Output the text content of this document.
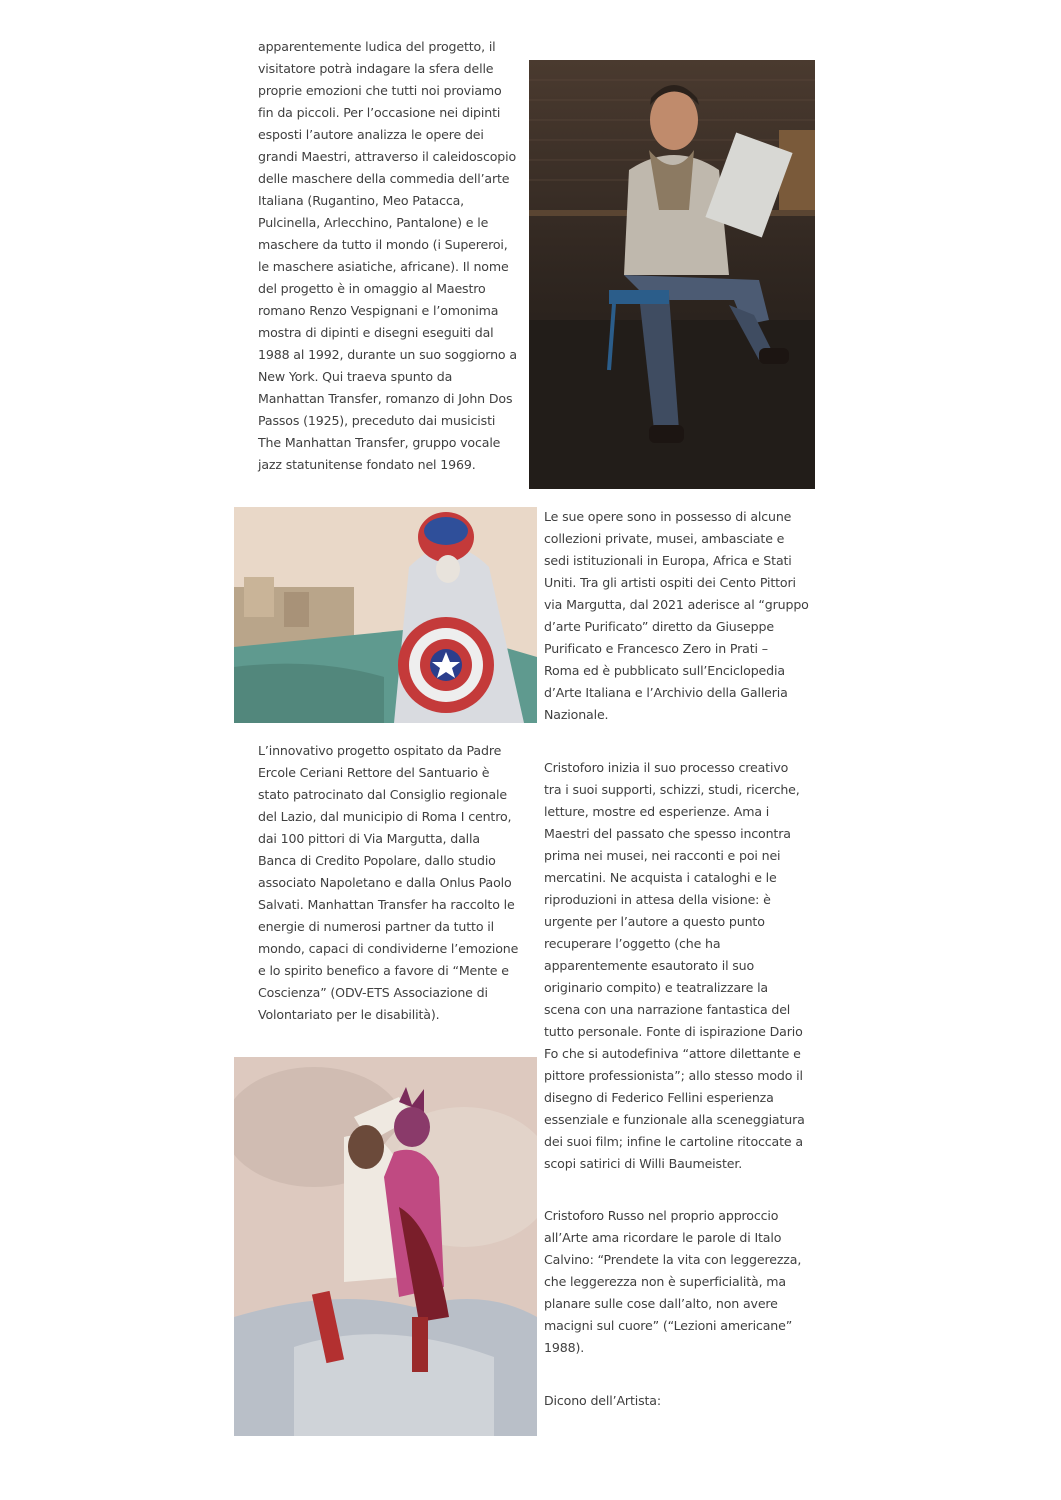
apparentemente ludica del progetto, il
visitatore potrà indagare la sfera delle
proprie emozioni che tutti noi proviamo
fin da piccoli. Per l’occasione nei dipinti
esposti l’autore analizza le opere dei
grandi Maestri, attraverso il caleidoscopio
delle maschere della commedia dell’arte
Italiana (Rugantino, Meo Patacca,
Pulcinella, Arlecchino, Pantalone) e le
maschere da tutto il mondo (i Supereroi,
le maschere asiatiche, africane). Il nome
del progetto è in omaggio al Maestro
romano Renzo Vespignani e l’omonima
mostra di dipinti e disegni eseguiti dal
1988 al 1992, durante un suo soggiorno a
New York. Qui traeva spunto da
Manhattan Transfer, romanzo di John Dos
Passos (1925), preceduto dai musicisti
The Manhattan Transfer, gruppo vocale
jazz statunitense fondato nel 1969.

Le sue opere sono in possesso di alcune
collezioni private, musei, ambasciate e
sedi istituzionali in Europa, Africa e Stati
Uniti. Tra gli artisti ospiti dei Cento Pittori
via Margutta, dal 2021 aderisce al “gruppo
d’arte Purificato” diretto da Giuseppe
Purificato e Francesco Zero in Prati –
Roma ed è pubblicato sull’Enciclopedia
d’Arte Italiana e l’Archivio della Galleria
Nazionale.

L’innovativo progetto ospitato da Padre
Ercole Ceriani Rettore del Santuario è
stato patrocinato dal Consiglio regionale
del Lazio, dal municipio di Roma I centro,
dai 100 pittori di Via Margutta, dalla
Banca di Credito Popolare, dallo studio
associato Napoletano e dalla Onlus Paolo
Salvati. Manhattan Transfer ha raccolto le
energie di numerosi partner da tutto il
mondo, capaci di condividerne l’emozione
e lo spirito benefico a favore di “Mente e
Coscienza” (ODV-ETS Associazione di
Volontariato per le disabilità).

Cristoforo inizia il suo processo creativo
tra i suoi supporti, schizzi, studi, ricerche,
letture, mostre ed esperienze. Ama i
Maestri del passato che spesso incontra
prima nei musei, nei racconti e poi nei
mercatini. Ne acquista i cataloghi e le
riproduzioni in attesa della visione: è
urgente per l’autore a questo punto
recuperare l’oggetto (che ha
apparentemente esautorato il suo
originario compito) e teatralizzare la
scena con una narrazione fantastica del
tutto personale. Fonte di ispirazione Dario
Fo che si autodefiniva “attore dilettante e
pittore professionista”; allo stesso modo il
disegno di Federico Fellini esperienza
essenziale e funzionale alla sceneggiatura
dei suoi film; infine le cartoline ritoccate a
scopi satirici di Willi Baumeister.

Cristoforo Russo nel proprio approccio
all’Arte ama ricordare le parole di Italo
Calvino: “Prendete la vita con leggerezza,
che leggerezza non è superficialità, ma
planare sulle cose dall’alto, non avere
macigni sul cuore” (“Lezioni americane”
1988).

Dicono dell’Artista:
